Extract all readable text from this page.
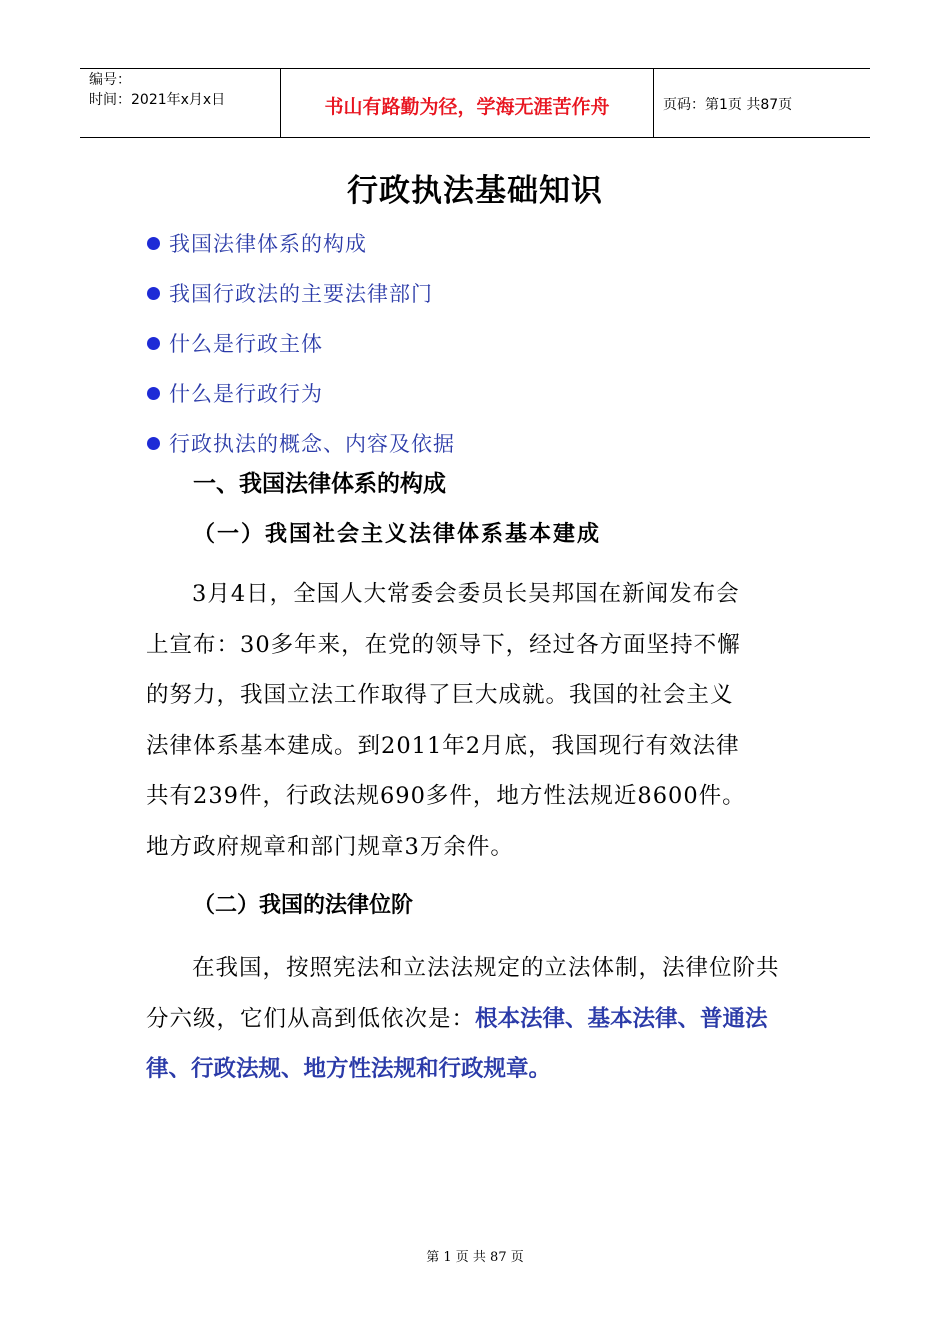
编号：
时间：2021年x月x日	书山有路勤为径，学海无涯苦作舟	页码：第1页 共87页
行政执法基础知识
我国法律体系的构成
我国行政法的主要法律部门
什么是行政主体
什么是行政行为
行政执法的概念、内容及依据
一、我国法律体系的构成
（一）我国社会主义法律体系基本建成

3月4日，全国人大常委会委员长吴邦国在新闻发布会

上宣布：30多年来，在党的领导下，经过各方面坚持不懈

的努力，我国立法工作取得了巨大成就。我国的社会主义

法律体系基本建成。到2011年2月底，我国现行有效法律

共有239件，行政法规690多件，地方性法规近8600件。

地方政府规章和部门规章3万余件。

（二）我国的法律位阶

在我国，按照宪法和立法法规定的立法体制，法律位阶共

分六级，它们从高到低依次是：根本法律、基本法律、普通法

律、行政法规、地方性法规和行政规章。

第 1 页 共 87 页
